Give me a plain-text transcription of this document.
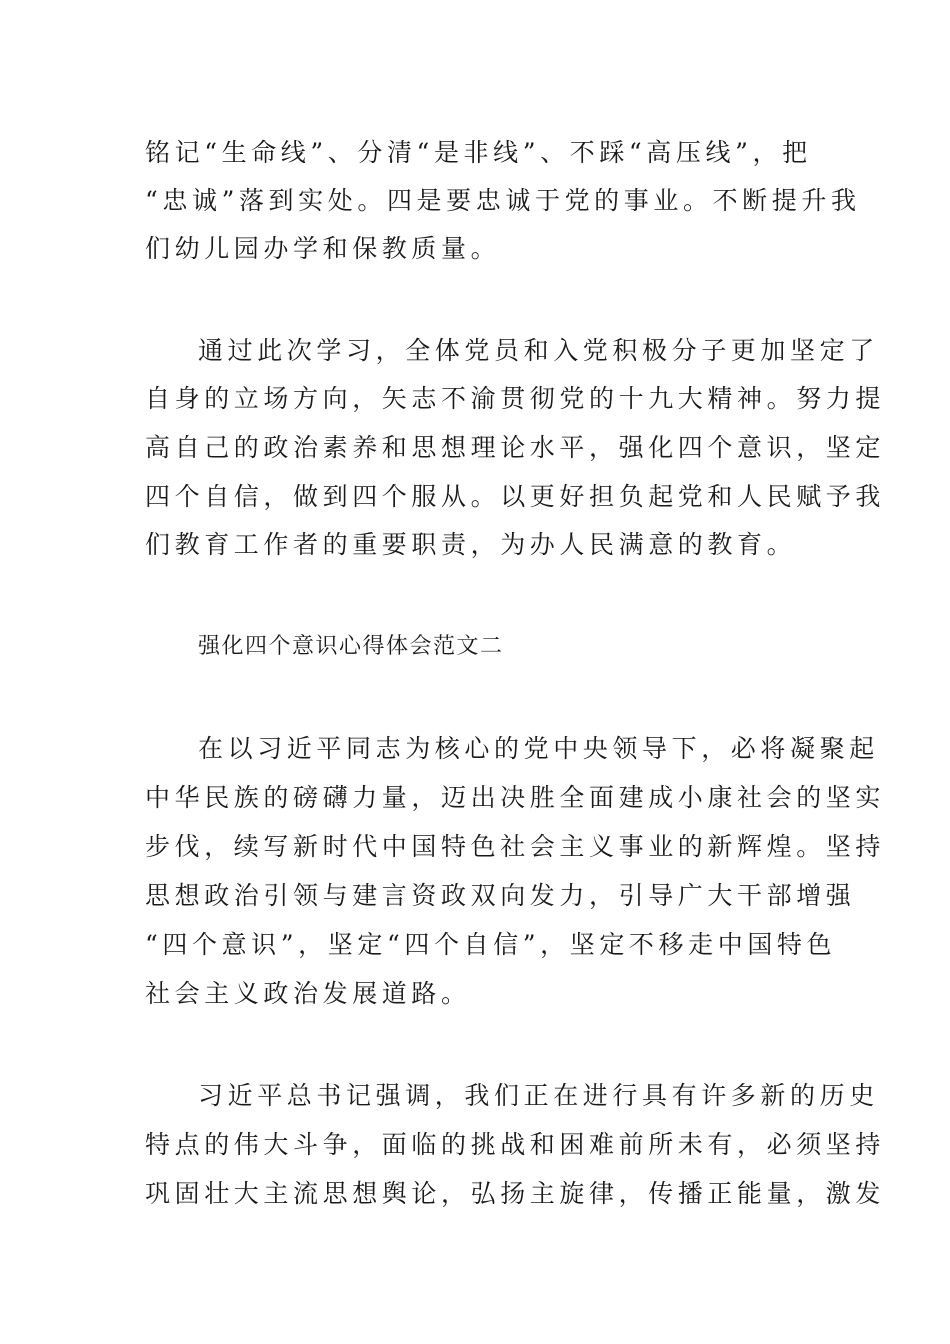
铭记“生命线”、分清“是非线”、不踩“高压线”，把
“忠诚”落到实处。四是要忠诚于党的事业。不断提升我
们幼儿园办学和保教质量。
通过此次学习，全体党员和入党积极分子更加坚定了
自身的立场方向，矢志不渝贯彻党的十九大精神。努力提
高自己的政治素养和思想理论水平，强化四个意识，坚定
四个自信，做到四个服从。以更好担负起党和人民赋予我
们教育工作者的重要职责，为办人民满意的教育。
强化四个意识心得体会范文二
在以习近平同志为核心的党中央领导下，必将凝聚起
中华民族的磅礴力量，迈出决胜全面建成小康社会的坚实
步伐，续写新时代中国特色社会主义事业的新辉煌。坚持
思想政治引领与建言资政双向发力，引导广大干部增强
“四个意识”，坚定“四个自信”，坚定不移走中国特色
社会主义政治发展道路。
习近平总书记强调，我们正在进行具有许多新的历史
特点的伟大斗争，面临的挑战和困难前所未有，必须坚持
巩固壮大主流思想舆论，弘扬主旋律，传播正能量，激发
